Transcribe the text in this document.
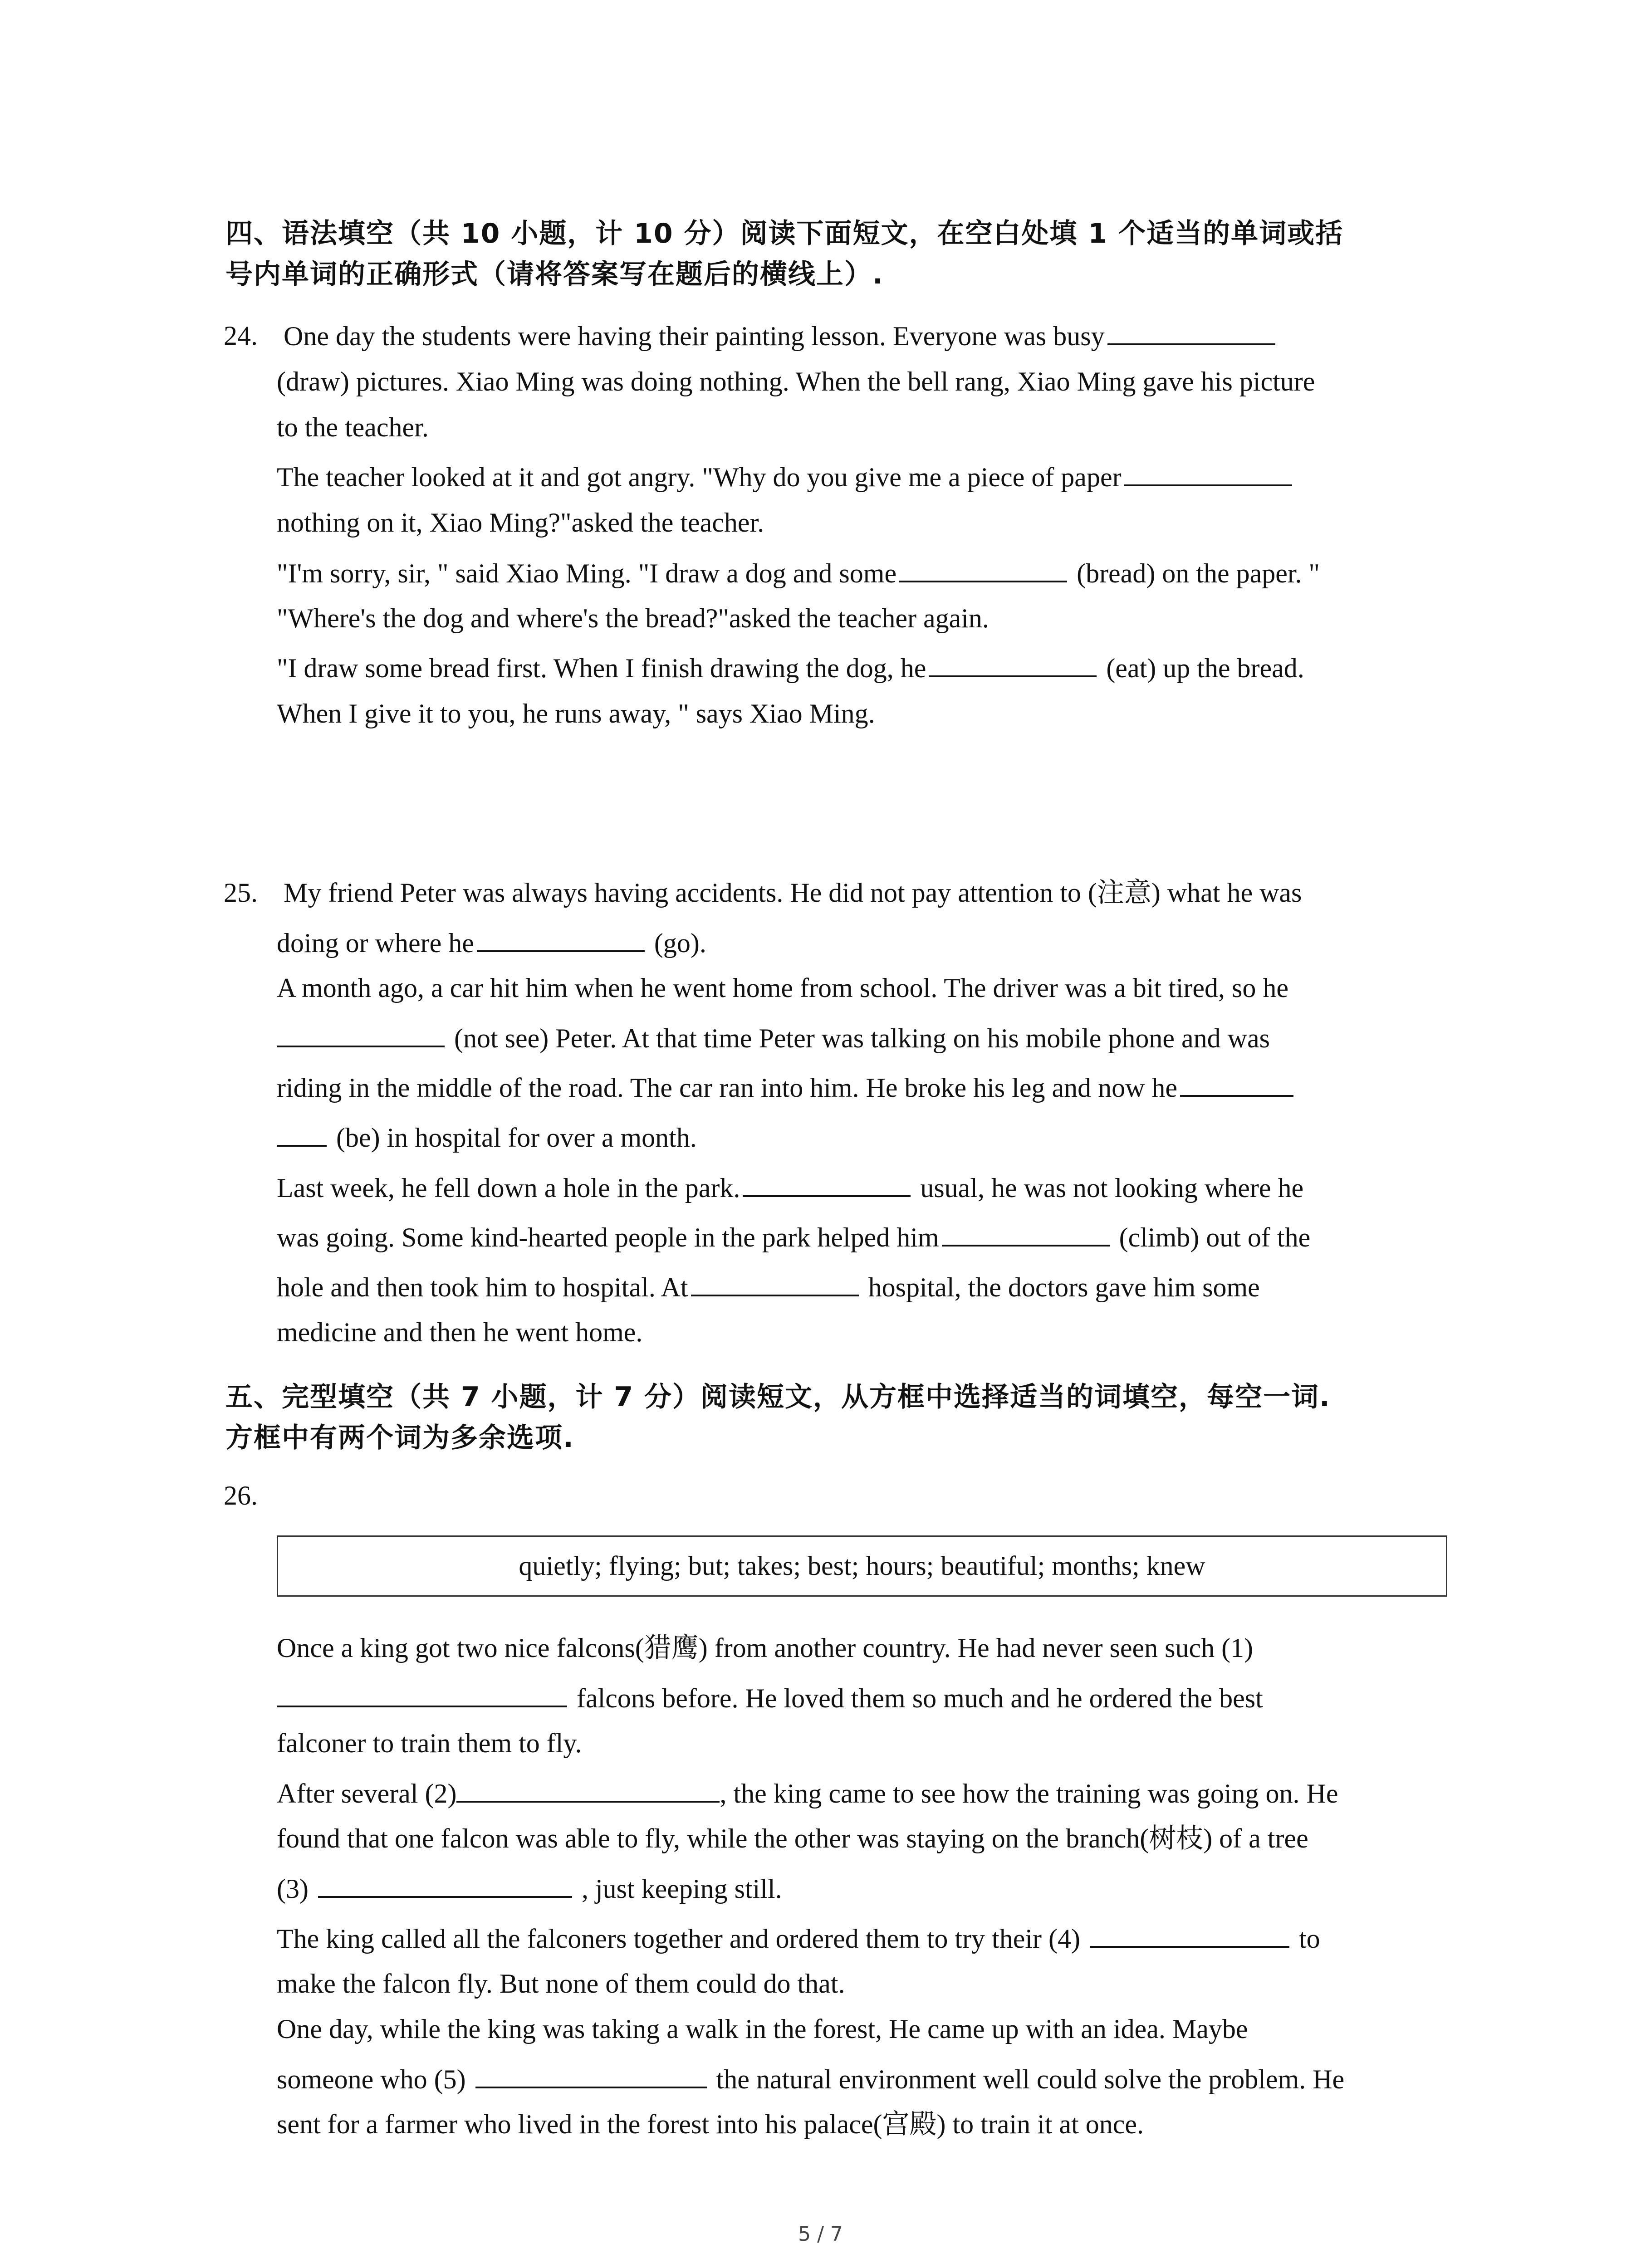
四、语法填空（共 10 小题，计 10 分）阅读下面短文，在空白处填 1 个适当的单词或括
号内单词的正确形式（请将答案写在题后的横线上）.
24. One day the students were having their painting lesson. Everyone was busy
(draw) pictures. Xiao Ming was doing nothing. When the bell rang, Xiao Ming gave his picture
to the teacher.
The teacher looked at it and got angry. "Why do you give me a piece of paper
nothing on it, Xiao Ming?"asked the teacher.
"I'm sorry, sir, " said Xiao Ming. "I draw a dog and some	(bread) on the paper. "
"Where's the dog and where's the bread?"asked the teacher again.
"I draw some bread first. When I finish drawing the dog, he	(eat) up the bread.
When I give it to you, he runs away, " says Xiao Ming.
25. My friend Peter was always having accidents. He did not pay attention to (注意) what he was
doing or where he	(go).
A month ago, a car hit him when he went home from school. The driver was a bit tired, so he
(not see) Peter. At that time Peter was talking on his mobile phone and was
riding in the middle of the road. The car ran into him. He broke his leg and now he
(be) in hospital for over a month.
Last week, he fell down a hole in the park.	usual, he was not looking where he
was going. Some kind-hearted people in the park helped him	(climb) out of the
hole and then took him to hospital. At	hospital, the doctors gave him some
medicine and then he went home.
五、完型填空（共 7 小题，计 7 分）阅读短文，从方框中选择适当的词填空，每空一词.
方框中有两个词为多余选项.
26.
quietly; flying; but; takes; best; hours; beautiful; months; knew
Once a king got two nice falcons(猎鹰) from another country. He had never seen such (1)
falcons before. He loved them so much and he ordered the best
falconer to train them to fly.
After several (2)	, the king came to see how the training was going on. He
found that one falcon was able to fly, while the other was staying on the branch(树枝) of a tree
(3)	, just keeping still.
The king called all the falconers together and ordered them to try their (4)	to
make the falcon fly. But none of them could do that.
One day, while the king was taking a walk in the forest, He came up with an idea. Maybe
someone who (5)	the natural environment well could solve the problem. He
sent for a farmer who lived in the forest into his palace(宫殿) to train it at once.
5 / 7
